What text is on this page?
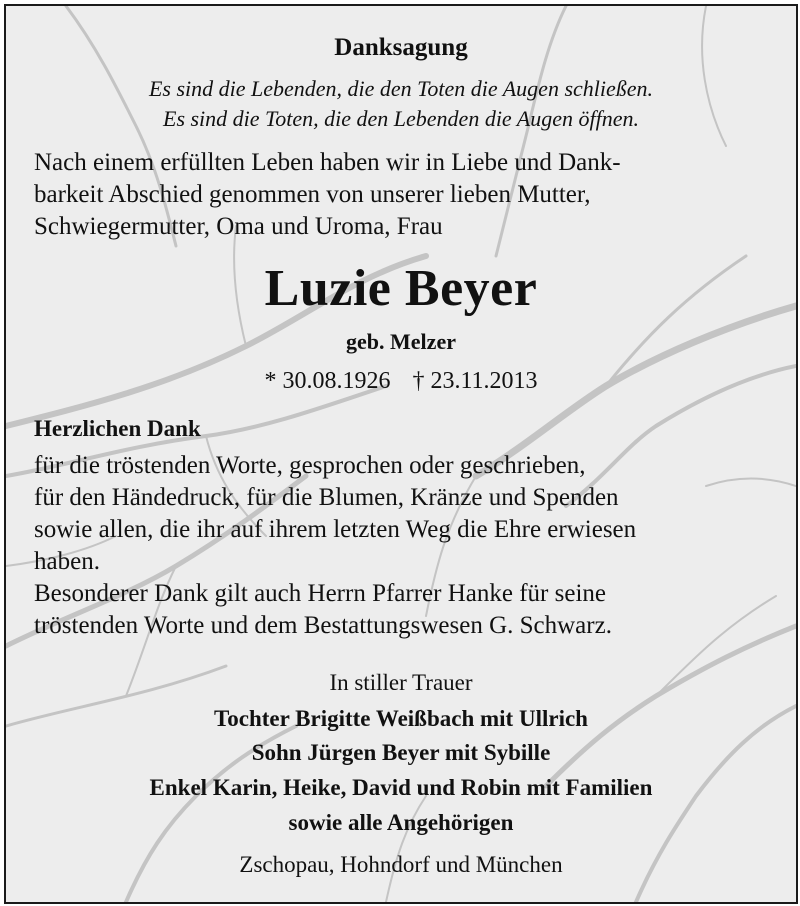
Danksagung
Es sind die Lebenden, die den Toten die Augen schließen.
Es sind die Toten, die den Lebenden die Augen öffnen.
Nach einem erfüllten Leben haben wir in Liebe und Dank-
barkeit Abschied genommen von unserer lieben Mutter,
Schwiegermutter, Oma und Uroma, Frau
Luzie Beyer
geb. Melzer
* 30.08.1926 † 23.11.2013
Herzlichen Dank
für die tröstenden Worte, gesprochen oder geschrieben,
für den Händedruck, für die Blumen, Kränze und Spenden
sowie allen, die ihr auf ihrem letzten Weg die Ehre erwiesen
haben.
Besonderer Dank gilt auch Herrn Pfarrer Hanke für seine
tröstenden Worte und dem Bestattungswesen G. Schwarz.
In stiller Trauer
Tochter Brigitte Weißbach mit Ullrich
Sohn Jürgen Beyer mit Sybille
Enkel Karin, Heike, David und Robin mit Familien
sowie alle Angehörigen
Zschopau, Hohndorf und München
